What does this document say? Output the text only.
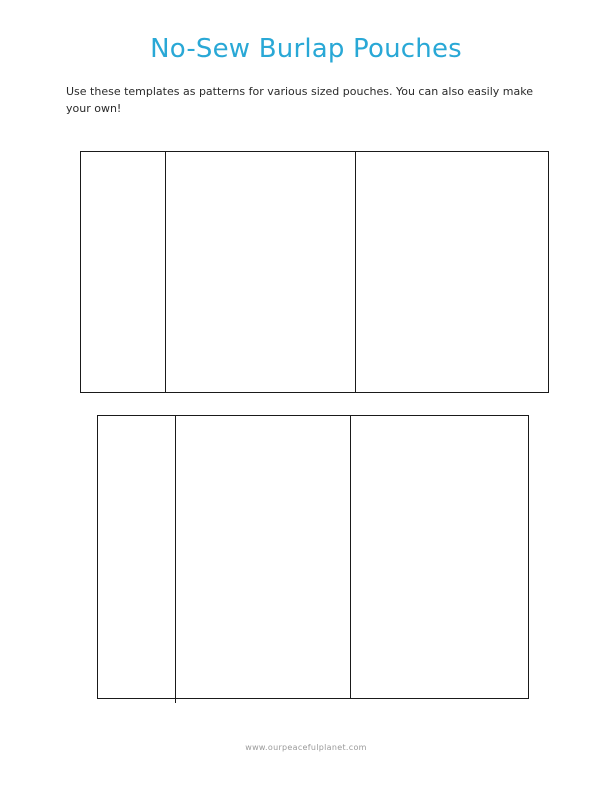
No-Sew Burlap Pouches
Use these templates as patterns for various sized pouches. You can also easily make your own!
www.ourpeacefulplanet.com
